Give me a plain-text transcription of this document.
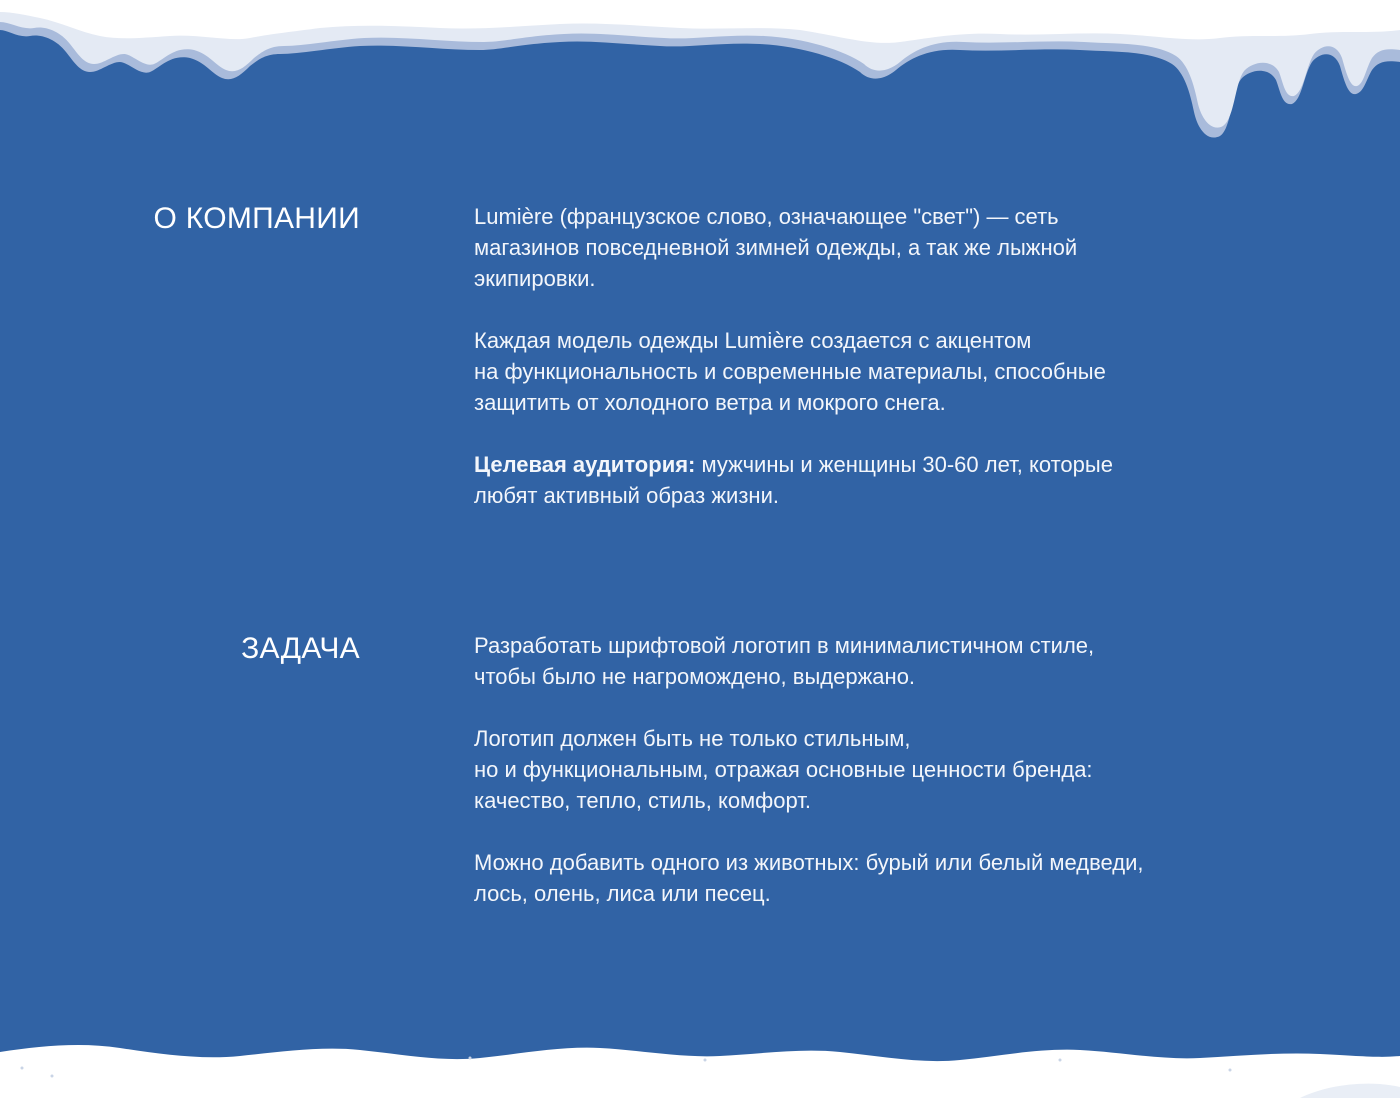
О КОМПАНИИ	Lumière (французское слово, означающее "свет") — сеть
магазинов повседневной зимней одежды, а так же лыжной
экипировки.

Каждая модель одежды Lumière создается с акцентом
на функциональность и современные материалы, способные
защитить от холодного ветра и мокрого снега.

Целевая аудитория: мужчины и женщины 30-60 лет, которые
любят активный образ жизни.

ЗАДАЧА	Разработать шрифтовой логотип в минималистичном стиле,
чтобы было не нагромождено, выдержано.

Логотип должен быть не только стильным,
но и функциональным, отражая основные ценности бренда:
качество, тепло, стиль, комфорт.

Можно добавить одного из животных: бурый или белый медведи,
лось, олень, лиса или песец.
